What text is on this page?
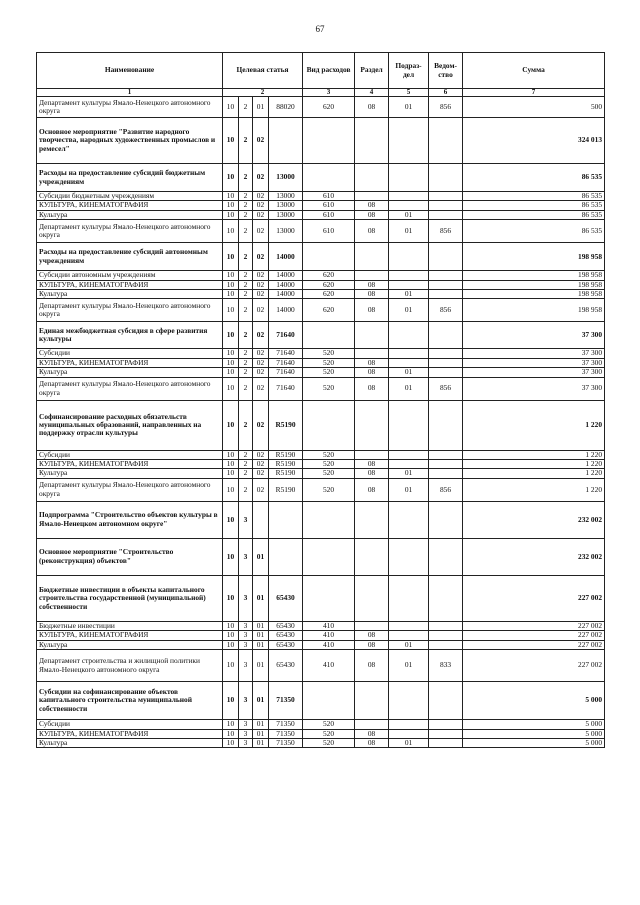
67
Наименование	Целевая статья				Вид расходов	Раздел	Подраз-дел	Ведом-ство	Сумма
1	2				3	4	5	6	7
Департамент культуры Ямало-Ненецкого автономного округа	10	2	01	88020	620	08	01	856	500
Основное мероприятие "Развитие народного творчества, народных художественных промыслов и ремесел"	10	2	02						324 013
Расходы на предоставление субсидий бюджетным учреждениям	10	2	02	13000					86 535
Субсидии бюджетным учреждениям	10	2	02	13000	610				86 535
КУЛЬТУРА, КИНЕМАТОГРАФИЯ	10	2	02	13000	610	08			86 535
Культура	10	2	02	13000	610	08	01		86 535
Департамент культуры Ямало-Ненецкого автономного округа	10	2	02	13000	610	08	01	856	86 535
Расходы на предоставление субсидий автономным учреждениям	10	2	02	14000					198 958
Субсидии автономным учреждениям	10	2	02	14000	620				198 958
КУЛЬТУРА, КИНЕМАТОГРАФИЯ	10	2	02	14000	620	08			198 958
Культура	10	2	02	14000	620	08	01		198 958
Департамент культуры Ямало-Ненецкого автономного округа	10	2	02	14000	620	08	01	856	198 958
Единая межбюджетная субсидия в сфере развития культуры	10	2	02	71640					37 300
Субсидии	10	2	02	71640	520				37 300
КУЛЬТУРА, КИНЕМАТОГРАФИЯ	10	2	02	71640	520	08			37 300
Культура	10	2	02	71640	520	08	01		37 300
Департамент культуры Ямало-Ненецкого автономного округа	10	2	02	71640	520	08	01	856	37 300
Софинансирование расходных обязательств муниципальных образований, направленных на поддержку отрасли культуры	10	2	02	R5190					1 220
Субсидии	10	2	02	R5190	520				1 220
КУЛЬТУРА, КИНЕМАТОГРАФИЯ	10	2	02	R5190	520	08			1 220
Культура	10	2	02	R5190	520	08	01		1 220
Департамент культуры Ямало-Ненецкого автономного округа	10	2	02	R5190	520	08	01	856	1 220
Подпрограмма "Строительство объектов культуры в Ямало-Ненецком автономном округе"	10	3							232 002
Основное мероприятие "Строительство (реконструкция) объектов"	10	3	01						232 002
Бюджетные инвестиции в объекты капитального строительства государственной (муниципальной) собственности	10	3	01	65430					227 002
Бюджетные инвестиции	10	3	01	65430	410				227 002
КУЛЬТУРА, КИНЕМАТОГРАФИЯ	10	3	01	65430	410	08			227 002
Культура	10	3	01	65430	410	08	01		227 002
Департамент строительства и жилищной политики Ямало-Ненецкого автономного округа	10	3	01	65430	410	08	01	833	227 002
Субсидии на софинансирование объектов капитального строительства муниципальной собственности	10	3	01	71350					5 000
Субсидии	10	3	01	71350	520				5 000
КУЛЬТУРА, КИНЕМАТОГРАФИЯ	10	3	01	71350	520	08			5 000
Культура	10	3	01	71350	520	08	01		5 000
